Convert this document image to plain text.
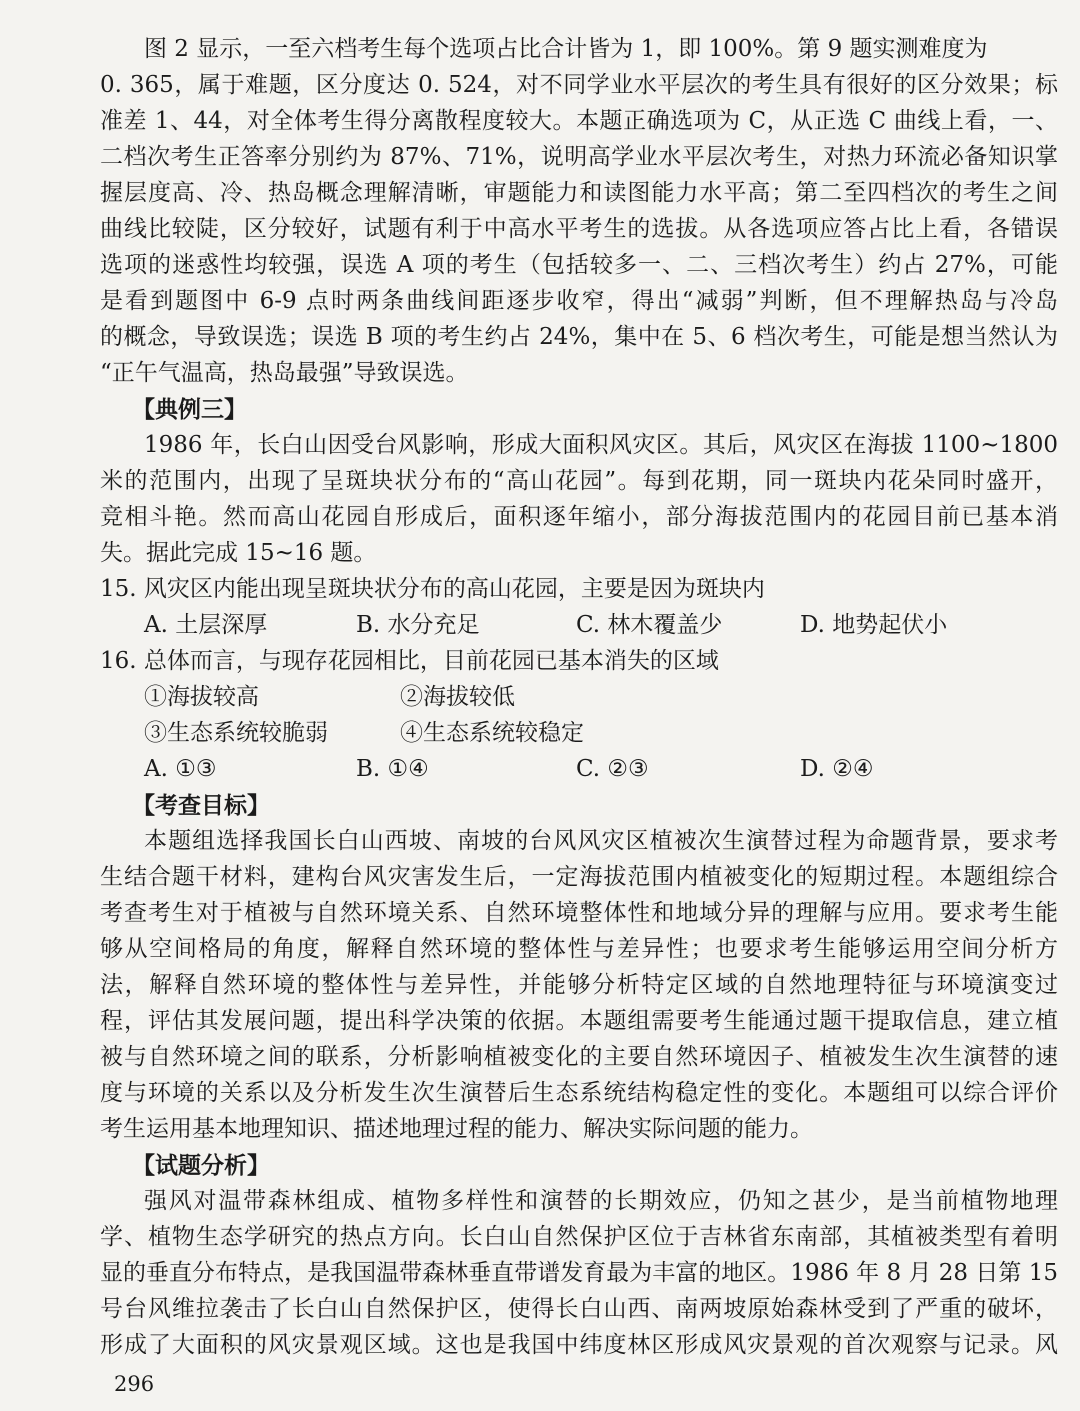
图 2 显示，一至六档考生每个选项占比合计皆为 1，即 100%。第 9 题实测难度为
0. 365，属于难题，区分度达 0. 524，对不同学业水平层次的考生具有很好的区分效果；标
准差 1、44，对全体考生得分离散程度较大。本题正确选项为 C，从正选 C 曲线上看，一、
二档次考生正答率分别约为 87%、71%，说明高学业水平层次考生，对热力环流必备知识掌
握层度高、冷、热岛概念理解清晰，审题能力和读图能力水平高；第二至四档次的考生之间
曲线比较陡，区分较好，试题有利于中高水平考生的选拔。从各选项应答占比上看，各错误
选项的迷惑性均较强，误选 A 项的考生（包括较多一、二、三档次考生）约占 27%，可能
是看到题图中 6-9 点时两条曲线间距逐步收窄，得出“减弱”判断，但不理解热岛与冷岛
的概念，导致误选；误选 B 项的考生约占 24%，集中在 5、6 档次考生，可能是想当然认为
“正午气温高，热岛最强”导致误选。
【典例三】
1986 年，长白山因受台风影响，形成大面积风灾区。其后，风灾区在海拔 1100~1800
米的范围内，出现了呈斑块状分布的“高山花园”。每到花期，同一斑块内花朵同时盛开，
竞相斗艳。然而高山花园自形成后，面积逐年缩小，部分海拔范围内的花园目前已基本消
失。据此完成 15~16 题。
15. 风灾区内能出现呈斑块状分布的高山花园，主要是因为斑块内
A. 土层深厚	B. 水分充足	C. 林木覆盖少	D. 地势起伏小
16. 总体而言，与现存花园相比，目前花园已基本消失的区域
①海拔较高	②海拔较低
③生态系统较脆弱	④生态系统较稳定
A. ①③	B. ①④	C. ②③	D. ②④
【考查目标】
本题组选择我国长白山西坡、南坡的台风风灾区植被次生演替过程为命题背景，要求考
生结合题干材料，建构台风灾害发生后，一定海拔范围内植被变化的短期过程。本题组综合
考查考生对于植被与自然环境关系、自然环境整体性和地域分异的理解与应用。要求考生能
够从空间格局的角度，解释自然环境的整体性与差异性；也要求考生能够运用空间分析方
法，解释自然环境的整体性与差异性，并能够分析特定区域的自然地理特征与环境演变过
程，评估其发展问题，提出科学决策的依据。本题组需要考生能通过题干提取信息，建立植
被与自然环境之间的联系，分析影响植被变化的主要自然环境因子、植被发生次生演替的速
度与环境的关系以及分析发生次生演替后生态系统结构稳定性的变化。本题组可以综合评价
考生运用基本地理知识、描述地理过程的能力、解决实际问题的能力。
【试题分析】
强风对温带森林组成、植物多样性和演替的长期效应，仍知之甚少，是当前植物地理
学、植物生态学研究的热点方向。长白山自然保护区位于吉林省东南部，其植被类型有着明
显的垂直分布特点，是我国温带森林垂直带谱发育最为丰富的地区。1986 年 8 月 28 日第 15
号台风维拉袭击了长白山自然保护区，使得长白山西、南两坡原始森林受到了严重的破坏，
形成了大面积的风灾景观区域。这也是我国中纬度林区形成风灾景观的首次观察与记录。风
296
